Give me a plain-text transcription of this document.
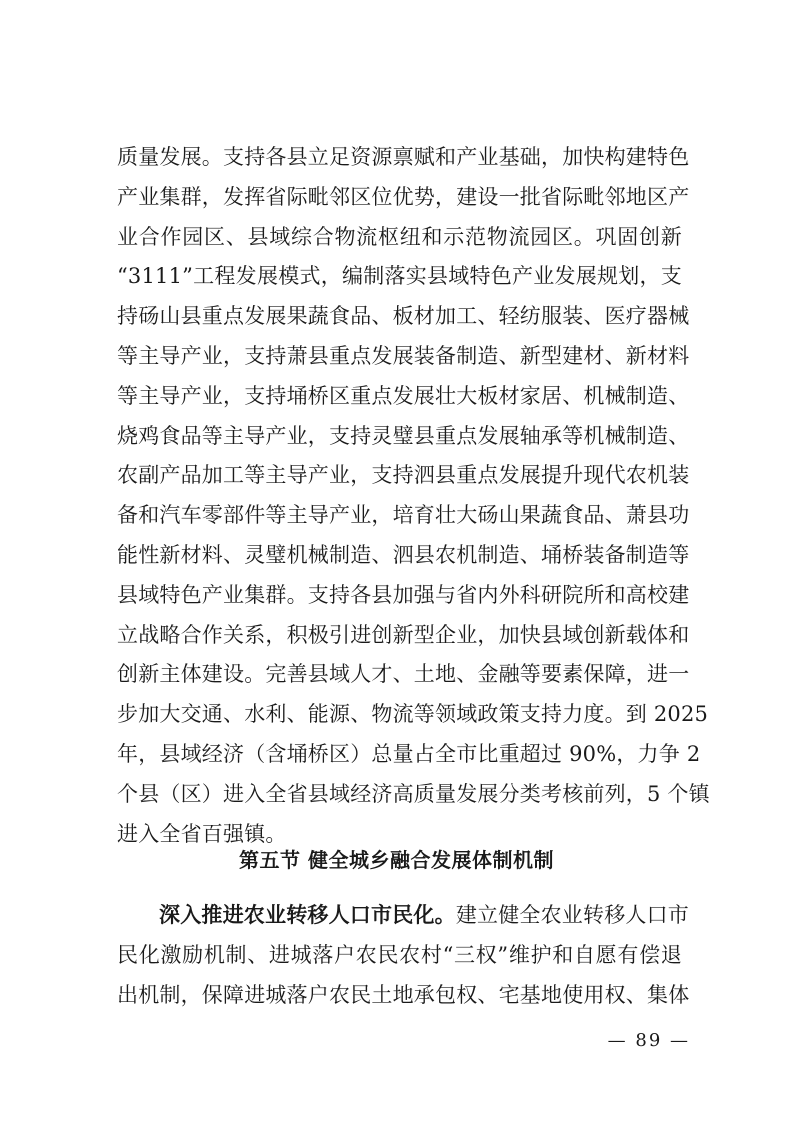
质量发展。支持各县立足资源禀赋和产业基础，加快构建特色
产业集群，发挥省际毗邻区位优势，建设一批省际毗邻地区产
业合作园区、县域综合物流枢纽和示范物流园区。巩固创新
“3111”工程发展模式，编制落实县域特色产业发展规划，支
持砀山县重点发展果蔬食品、板材加工、轻纺服装、医疗器械
等主导产业，支持萧县重点发展装备制造、新型建材、新材料
等主导产业，支持埇桥区重点发展壮大板材家居、机械制造、
烧鸡食品等主导产业，支持灵璧县重点发展轴承等机械制造、
农副产品加工等主导产业，支持泗县重点发展提升现代农机装
备和汽车零部件等主导产业，培育壮大砀山果蔬食品、萧县功
能性新材料、灵璧机械制造、泗县农机制造、埇桥装备制造等
县域特色产业集群。支持各县加强与省内外科研院所和高校建
立战略合作关系，积极引进创新型企业，加快县域创新载体和
创新主体建设。完善县域人才、土地、金融等要素保障，进一
步加大交通、水利、能源、物流等领域政策支持力度。到 2025
年，县域经济（含埇桥区）总量占全市比重超过 90%，力争 2
个县（区）进入全省县域经济高质量发展分类考核前列，5 个镇
进入全省百强镇。
第五节 健全城乡融合发展体制机制
深入推进农业转移人口市民化。建立健全农业转移人口市
民化激励机制、进城落户农民农村“三权”维护和自愿有偿退
出机制，保障进城落户农民土地承包权、宅基地使用权、集体
— 89 —
